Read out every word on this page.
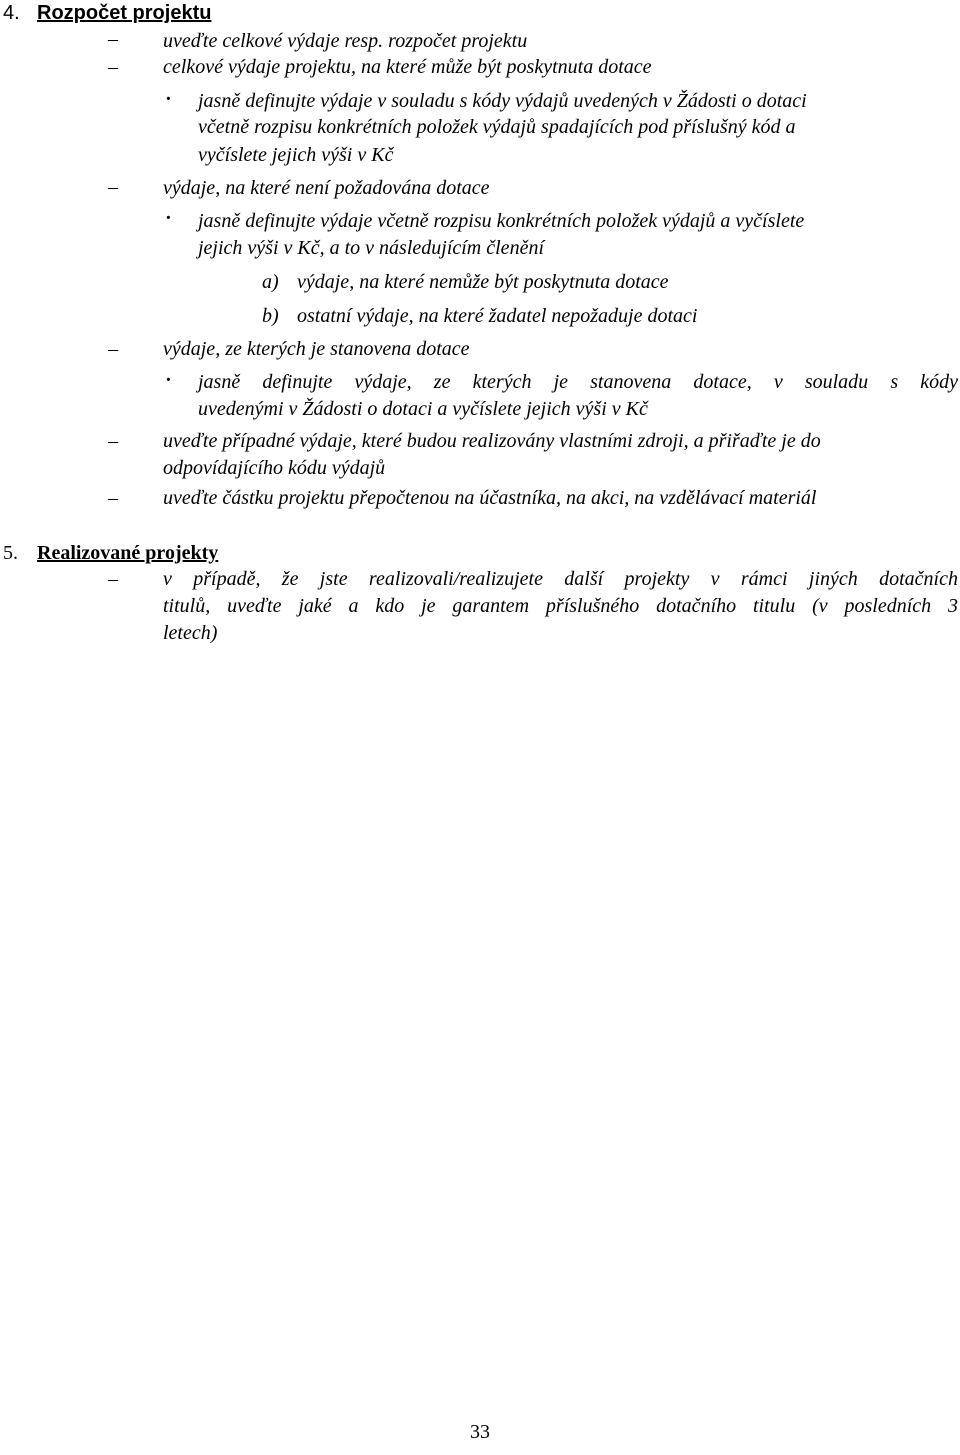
4. Rozpočet projektu
– uveďte celkové výdaje resp. rozpočet projektu
– celkové výdaje projektu, na které může být poskytnuta dotace
· jasně definujte výdaje v souladu s kódy výdajů uvedených v Žádosti o dotaci
včetně rozpisu konkrétních položek výdajů spadajících pod příslušný kód a
vyčíslete jejich výši v Kč
– výdaje, na které není požadována dotace
· jasně definujte výdaje včetně rozpisu konkrétních položek výdajů a vyčíslete
jejich výši v Kč, a to v následujícím členění
a) výdaje, na které nemůže být poskytnuta dotace
b) ostatní výdaje, na které žadatel nepožaduje dotaci
– výdaje, ze kterých je stanovena dotace
· jasně definujte výdaje, ze kterých je stanovena dotace, v souladu s kódy
uvedenými v Žádosti o dotaci a vyčíslete jejich výši v Kč
– uveďte případné výdaje, které budou realizovány vlastními zdroji, a přiřaďte je do
odpovídajícího kódu výdajů
– uveďte částku projektu přepočtenou na účastníka, na akci, na vzdělávací materiál
5. Realizované projekty
– v případě, že jste realizovali/realizujete další projekty v rámci jiných dotačních
titulů, uveďte jaké a kdo je garantem příslušného dotačního titulu (v posledních 3
letech)
33
